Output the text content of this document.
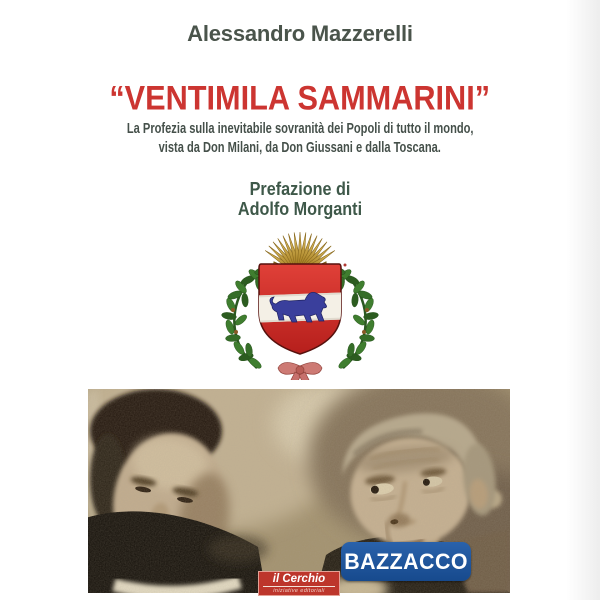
Alessandro Mazzerelli
“VENTIMILA SAMMARINI”
La Profezia sulla inevitabile sovranità dei Popoli di tutto il mondo,
vista da Don Milani, da Don Giussani e dalla Toscana.
Prefazione di
Adolfo Morganti
BAZZACCO
il Cerchio
iniziative editoriali
